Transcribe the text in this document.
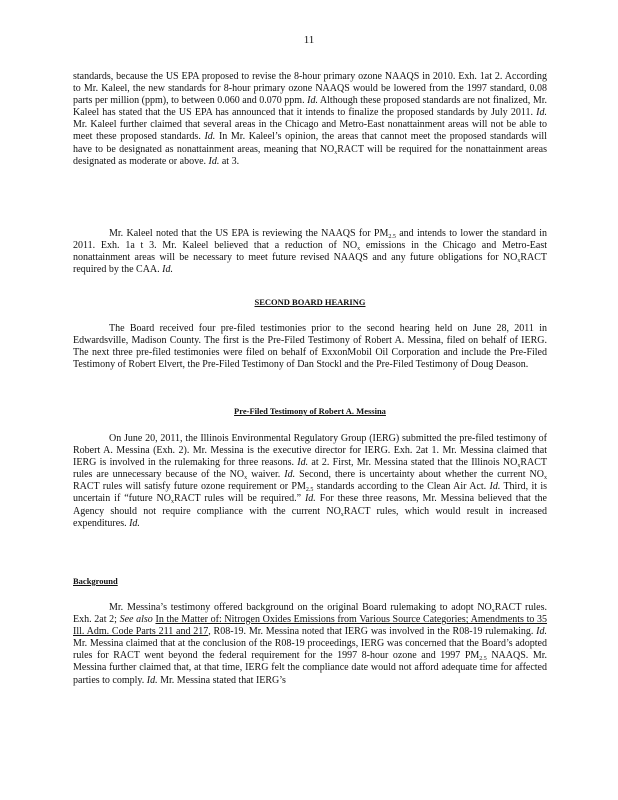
11

standards, because the US EPA proposed to revise the 8-hour primary ozone NAAQS in 2010. Exh. 1at 2. According to Mr. Kaleel, the new standards for 8-hour primary ozone NAAQS would be lowered from the 1997 standard, 0.08 parts per million (ppm), to between 0.060 and 0.070 ppm. Id. Although these proposed standards are not finalized, Mr. Kaleel has stated that the US EPA has announced that it intends to finalize the proposed standards by July 2011. Id. Mr. Kaleel further claimed that several areas in the Chicago and Metro-East nonattainment areas will not be able to meet these proposed standards. Id. In Mr. Kaleel’s opinion, the areas that cannot meet the proposed standards will have to be designated as nonattainment areas, meaning that $NO_xRACT$ will be required for the nonattainment areas designated as moderate or above. Id. at 3.

Mr. Kaleel noted that the US EPA is reviewing the NAAQS for $PM_{2.5}$ and intends to lower the standard in 2011. Exh. 1a t 3. Mr. Kaleel believed that a reduction of $NO_x$ emissions in the Chicago and Metro-East nonattainment areas will be necessary to meet future revised NAAQS and any future obligations for $NO_xRACT$ required by the CAA. Id.

SECOND BOARD HEARING

The Board received four pre-filed testimonies prior to the second hearing held on June 28, 2011 in Edwardsville, Madison County. The first is the Pre-Filed Testimony of Robert A. Messina, filed on behalf of IERG. The next three pre-filed testimonies were filed on behalf of ExxonMobil Oil Corporation and include the Pre-Filed Testimony of Robert Elvert, the Pre-Filed Testimony of Dan Stockl and the Pre-Filed Testimony of Doug Deason.

Pre-Filed Testimony of Robert A. Messina

On June 20, 2011, the Illinois Environmental Regulatory Group (IERG) submitted the pre-filed testimony of Robert A. Messina (Exh. 2). Mr. Messina is the executive director for IERG. Exh. 2at 1. Mr. Messina claimed that IERG is involved in the rulemaking for three reasons. Id. at 2. First, Mr. Messina stated that the Illinois $NO_xRACT$ rules are unnecessary because of the $NO_x$ waiver. Id. Second, there is uncertainty about whether the current $NO_x$ RACT rules will satisfy future ozone requirement or $PM_{2.5}$ standards according to the Clean Air Act. Id. Third, it is uncertain if “future $NO_xRACT$ rules will be required.” Id. For these three reasons, Mr. Messina believed that the Agency should not require compliance with the current $NO_xRACT$ rules, which would result in increased expenditures. Id.

Background

Mr. Messina’s testimony offered background on the original Board rulemaking to adopt $NO_xRACT$ rules. Exh. 2at 2; See also In the Matter of: Nitrogen Oxides Emissions from Various Source Categories; Amendments to 35 Ill. Adm. Code Parts 211 and 217, R08-19. Mr. Messina noted that IERG was involved in the R08-19 rulemaking. Id. Mr. Messina claimed that at the conclusion of the R08-19 proceedings, IERG was concerned that the Board’s adopted rules for RACT went beyond the federal requirement for the 1997 8-hour ozone and 1997 $PM_{2.5}$ NAAQS. Mr. Messina further claimed that, at that time, IERG felt the compliance date would not afford adequate time for affected parties to comply. Id. Mr. Messina stated that IERG’s
